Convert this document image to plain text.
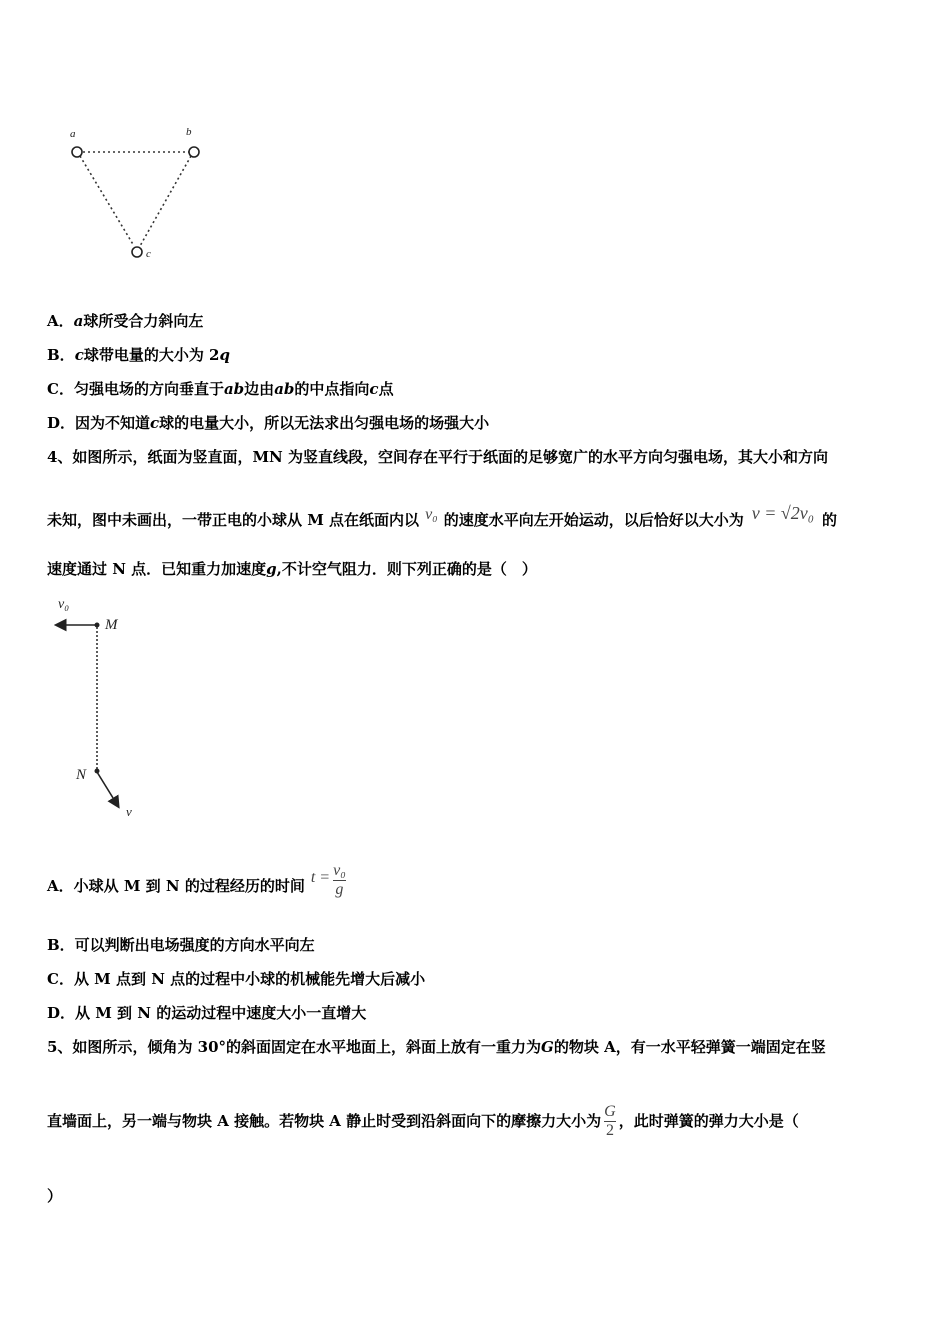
a	b
c
A．a球所受合力斜向左
B．c球带电量的大小为 2q
C．匀强电场的方向垂直于ab边由ab的中点指向c点
D．因为不知道c球的电量大小，所以无法求出匀强电场的场强大小
4、如图所示，纸面为竖直面，MN 为竖直线段，空间存在平行于纸面的足够宽广的水平方向匀强电场，其大小和方向
未知，图中未画出，一带正电的小球从 M 点在纸面内以 v₀ 的速度水平向左开始运动，以后恰好以大小为 v = √2v₀ 的
速度通过 N 点．已知重力加速度g,不计空气阻力．则下列正确的是（　）
v₀
M
N
v
A．小球从 M 到 N 的过程经历的时间 $t = \frac{\text{v₀}}{g}$
B．可以判断出电场强度的方向水平向左
C．从 M 点到 N 点的过程中小球的机械能先增大后减小
D．从 M 到 N 的运动过程中速度大小一直增大
5、如图所示，倾角为 30°的斜面固定在水平地面上，斜面上放有一重力为G的物块 A，有一水平轻弹簧一端固定在竖
直墙面上，另一端与物块 A 接触。若物块 A 静止时受到沿斜面向下的摩擦力大小为 $\frac{G}{2}$ ，此时弹簧的弹力大小是（
）
